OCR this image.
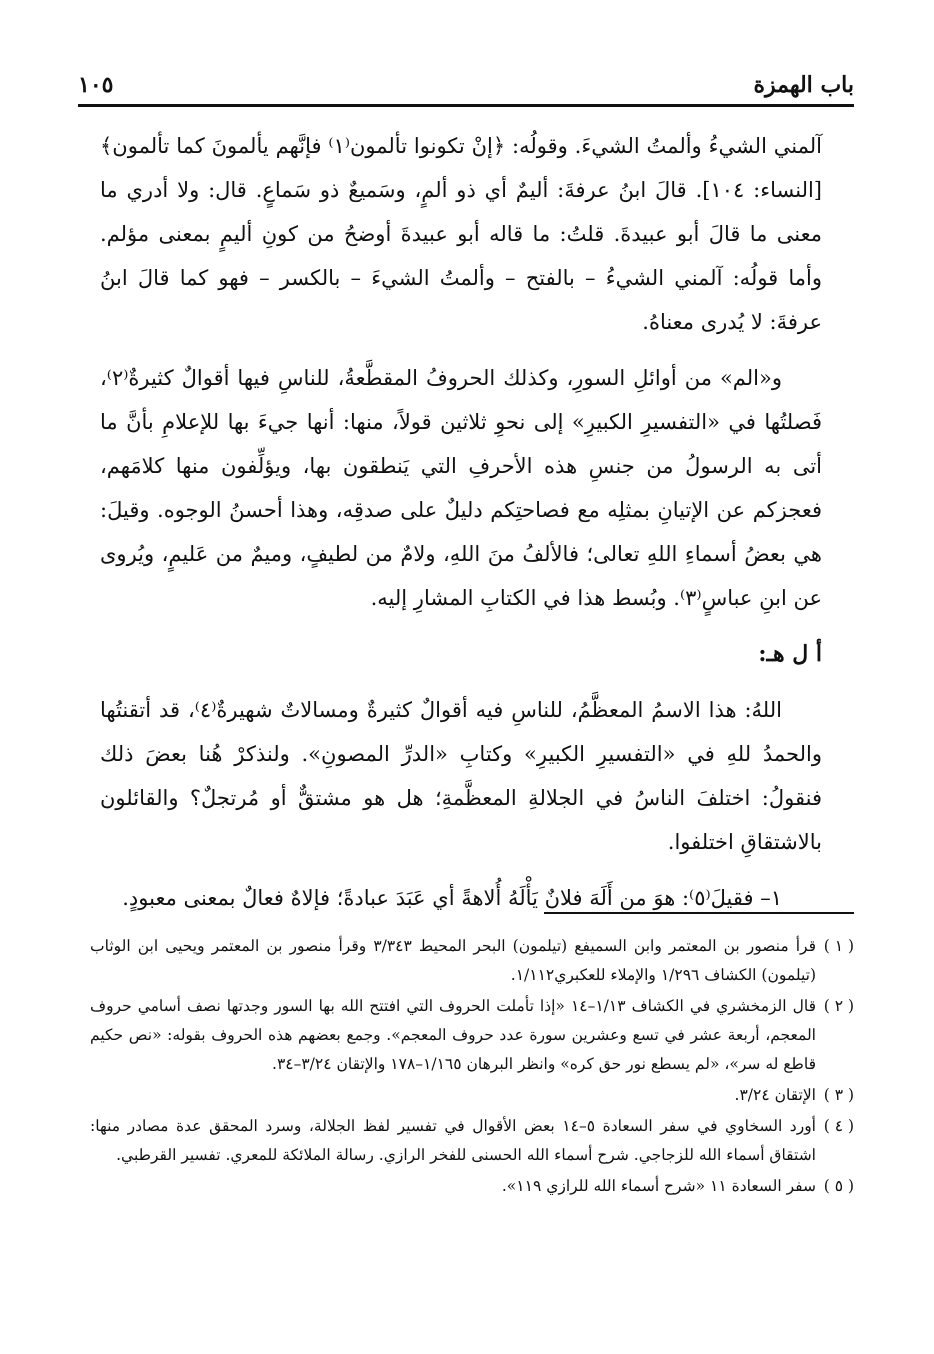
باب الهمزة
١٠٥

آلمني الشيءُ وألمتُ الشيءَ. وقولُه: ﴿إنْ تكونوا تألمون⁽١⁾ فإنَّهم يألمونَ كما تألمون﴾ [النساء: ١٠٤]. قالَ ابنُ عرفةَ: أليمٌ أي ذو ألمٍ، وسَميعٌ ذو سَماعٍ. قال: ولا أدري ما معنى ما قالَ أبو عبيدةَ. قلتُ: ما قاله أبو عبيدةَ أوضحُ من كونِ أليمٍ بمعنى مؤلم. وأما قولُه: آلمني الشيءُ – بالفتح – وألمتُ الشيءَ – بالكسر – فهو كما قالَ ابنُ عرفةَ: لا يُدرى معناهُ.

و«الم» من أوائلِ السورِ، وكذلك الحروفُ المقطَّعةُ، للناسِ فيها أقوالٌ كثيرةٌ⁽٢⁾، فَصلتُها في «التفسيرِ الكبيرِ» إلى نحوِ ثلاثين قولاً، منها: أنها جيءَ بها للإعلامِ بأنَّ ما أتى به الرسولُ من جنسِ هذه الأحرفِ التي يَنطقون بها، ويؤلِّفون منها كلامَهم، فعجزكم عن الإتيانِ بمثلِه مع فصاحتِكم دليلٌ على صدقِه، وهذا أحسنُ الوجوه. وقيلَ: هي بعضُ أسماءِ اللهِ تعالى؛ فالألفُ منَ اللهِ، ولامٌ من لطيفٍ، وميمٌ من عَليمٍ، ويُروى عن ابنِ عباسٍ⁽٣⁾. وبُسط هذا في الكتابِ المشارِ إليه.

أ ل هـ:

اللهُ: هذا الاسمُ المعظَّمُ، للناسِ فيه أقوالٌ كثيرةٌ ومسالاتٌ شهيرةٌ⁽٤⁾، قد أتقنتُها والحمدُ للهِ في «التفسيرِ الكبيرِ» وكتابِ «الدرِّ المصونِ». ولنذكرْ هُنا بعضَ ذلك فنقولُ: اختلفَ الناسُ في الجلالةِ المعظَّمةِ؛ هل هو مشتقٌّ أو مُرتجلٌ؟ والقائلون بالاشتقاقِ اختلفوا.

١– فقيلَ⁽٥⁾: هوَ من أَلَهَ فلانٌ يَأْلَهُ أُلاهةً أي عَبَدَ عبادةً؛ فإلاهٌ فعالٌ بمعنى معبودٍ.

( ١ )
قرأ منصور بن المعتمر وابن السميفع (تيلمون) البحر المحيط ٣/٣٤٣ وقرأ منصور بن المعتمر ويحيى ابن الوثاب (تيلمون) الكشاف ١/٢٩٦ والإملاء للعكبري١/١١٢.
( ٢ )
قال الزمخشري في الكشاف ١/١٣–١٤ «إذا تأملت الحروف التي افتتح الله بها السور وجدتها نصف أسامي حروف المعجم، أربعة عشر في تسع وعشرين سورة عدد حروف المعجم». وجمع بعضهم هذه الحروف بقوله: «نص حكيم قاطع له سر»، «لم يسطع نور حق كره» وانظر البرهان ١/١٦٥–١٧٨ والإتقان ٣/٢٤–٣٤.
( ٣ )
الإتقان ٣/٢٤.
( ٤ )
أورد السخاوي في سفر السعادة ٥–١٤ بعض الأقوال في تفسير لفظ الجلالة، وسرد المحقق عدة مصادر منها: اشتقاق أسماء الله للزجاجي. شرح أسماء الله الحسنى للفخر الرازي. رسالة الملائكة للمعري. تفسير القرطبي.
( ٥ )
سفر السعادة ١١ «شرح أسماء الله للرازي ١١٩».
